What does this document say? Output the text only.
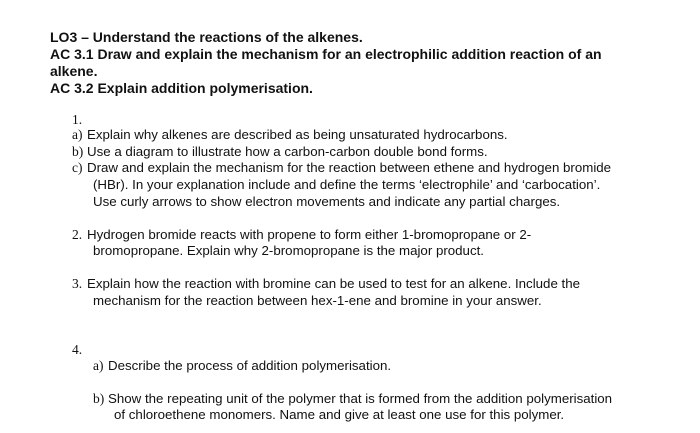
LO3 – Understand the reactions of the alkenes.
AC 3.1 Draw and explain the mechanism for an electrophilic addition reaction of an
alkene.
AC 3.2 Explain addition polymerisation.
1.
a) Explain why alkenes are described as being unsaturated hydrocarbons.
b) Use a diagram to illustrate how a carbon-carbon double bond forms.
c) Draw and explain the mechanism for the reaction between ethene and hydrogen bromide
(HBr). In your explanation include and define the terms ‘electrophile’ and ‘carbocation’.
Use curly arrows to show electron movements and indicate any partial charges.
2. Hydrogen bromide reacts with propene to form either 1-bromopropane or 2-
bromopropane. Explain why 2-bromopropane is the major product.
3. Explain how the reaction with bromine can be used to test for an alkene. Include the
mechanism for the reaction between hex-1-ene and bromine in your answer.
4.
a) Describe the process of addition polymerisation.
b) Show the repeating unit of the polymer that is formed from the addition polymerisation
of chloroethene monomers. Name and give at least one use for this polymer.
